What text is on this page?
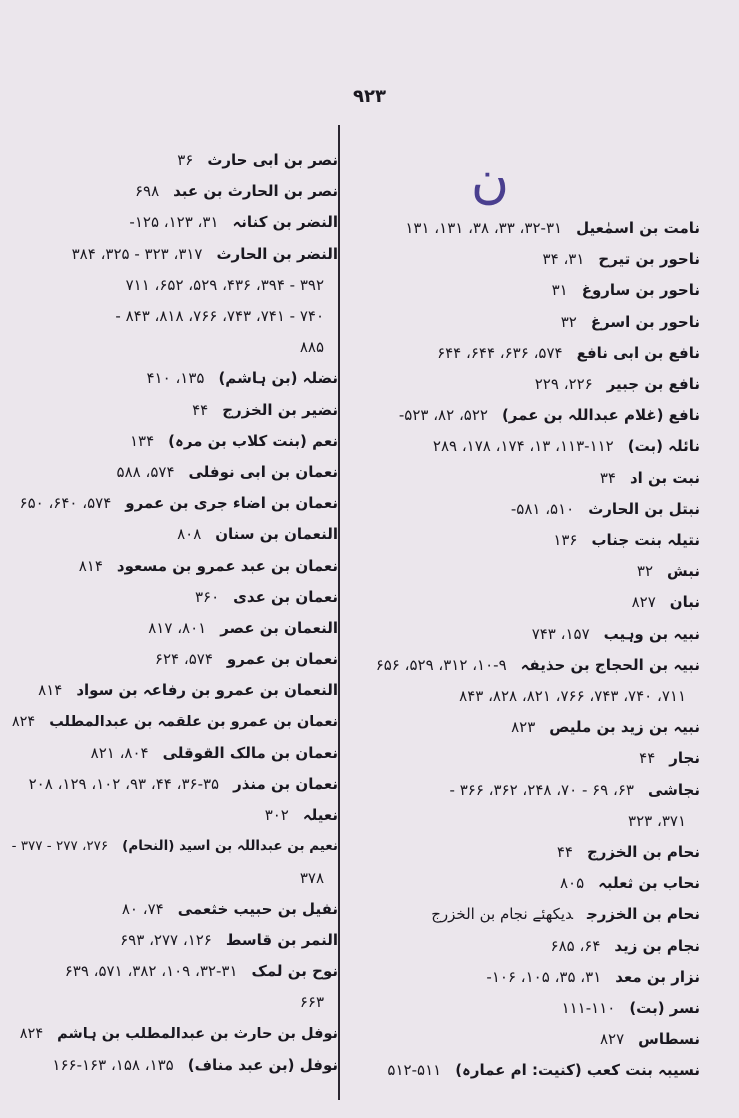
۹۲۳
ن
نامت بن اسمٰعیل۳۱-۳۲، ۳۳، ۳۸، ۱۳۱، ۱۳۱
ناحور بن تیرح۳۱، ۳۴
ناحور بن ساروغ۳۱
ناحور بن اسرغ۳۲
نافع بن ابی نافع۵۷۴، ۶۳۶، ۶۴۴، ۶۴۴
نافع بن جبیر۲۲۶، ۲۲۹
نافع (غلام عبداللہ بن عمر)۵۲۲، ۸۲، ۵۲۳-
نائلہ (بت)۱۱۲-۱۱۳، ۱۳، ۱۷۴، ۱۷۸، ۲۸۹
نبت بن اد۳۴
نبتل بن الحارث۵۱۰، ۵۸۱-
نتیلہ بنت جناب۱۳۶
نبش۳۲
نبان۸۲۷
نبیہ بن وہیب۱۵۷، ۷۴۳
نبیہ بن الحجاج بن حذیفہ۹-۱۰، ۳۱۲، ۵۲۹، ۶۵۶
۷۱۱، ۷۴۰، ۷۴۳، ۷۶۶، ۸۲۱، ۸۲۸، ۸۴۳
نبیہ بن زید بن ملیص۸۲۳
نجار۴۴
نجاشی۶۳، ۶۹ - ۷۰، ۲۴۸، ۳۶۲، ۳۶۶ -
۳۷۱، ۳۲۳
نحام بن الخزرج۴۴
نحاب بن ثعلبہ۸۰۵
نحام بن الخزرجدیکھئے نجام بن الخزرج
نجام بن زید۶۴، ۶۸۵
نزار بن معد۳۱، ۳۵، ۱۰۵، ۱۰۶-
نسر (بت)۱۱۰-۱۱۱
نسطاس۸۲۷
نسیبہ بنت کعب (کنیت: ام عمارہ)۵۱۱-۵۱۲
نصر بن ابی حارث۳۶
نصر بن الحارث بن عبد۶۹۸
النضر بن کنانہ۳۱، ۱۲۳، ۱۲۵-
النضر بن الحارث۳۱۷، ۳۲۳ - ۳۲۵، ۳۸۴
۳۹۲ - ۳۹۴، ۴۳۶، ۵۲۹، ۶۵۲، ۷۱۱
۷۴۰ - ۷۴۱، ۷۴۳، ۷۶۶، ۸۱۸، ۸۴۳ -
۸۸۵
نضلہ (بن ہاشم)۱۳۵، ۴۱۰
نضیر بن الخزرج۴۴
نعم (بنت کلاب بن مرہ)۱۳۴
نعمان بن ابی نوفلی۵۷۴، ۵۸۸
نعمان بن اضاء جری بن عمرو۵۷۴، ۶۴۰، ۶۵۰
النعمان بن سنان۸۰۸
نعمان بن عبد عمرو بن مسعود۸۱۴
نعمان بن عدی۳۶۰
النعمان بن عصر۸۰۱، ۸۱۷
نعمان بن عمرو۵۷۴، ۶۲۴
النعمان بن عمرو بن رفاعہ بن سواد۸۱۴
نعمان بن عمرو بن علقمہ بن عبدالمطلب۸۲۴
نعمان بن مالک القوقلی۸۰۴، ۸۲۱
نعمان بن منذر۳۵-۳۶، ۴۴، ۹۳، ۱۰۲، ۱۲۹، ۲۰۸
نعیلہ۳۰۲
نعیم بن عبداللہ بن اسید (النحام)۲۷۶، ۲۷۷ - ۳۷۷ -
۳۷۸
نفیل بن حبیب خثعمی۷۴، ۸۰
النمر بن قاسط۱۲۶، ۲۷۷، ۶۹۳
نوح بن لمک۳۱-۳۲، ۱۰۹، ۳۸۲، ۵۷۱، ۶۳۹
۶۶۳
نوفل بن حارث بن عبدالمطلب بن ہاشم۸۲۴
نوفل (بن عبد مناف)۱۳۵، ۱۵۸، ۱۶۳-۱۶۶
